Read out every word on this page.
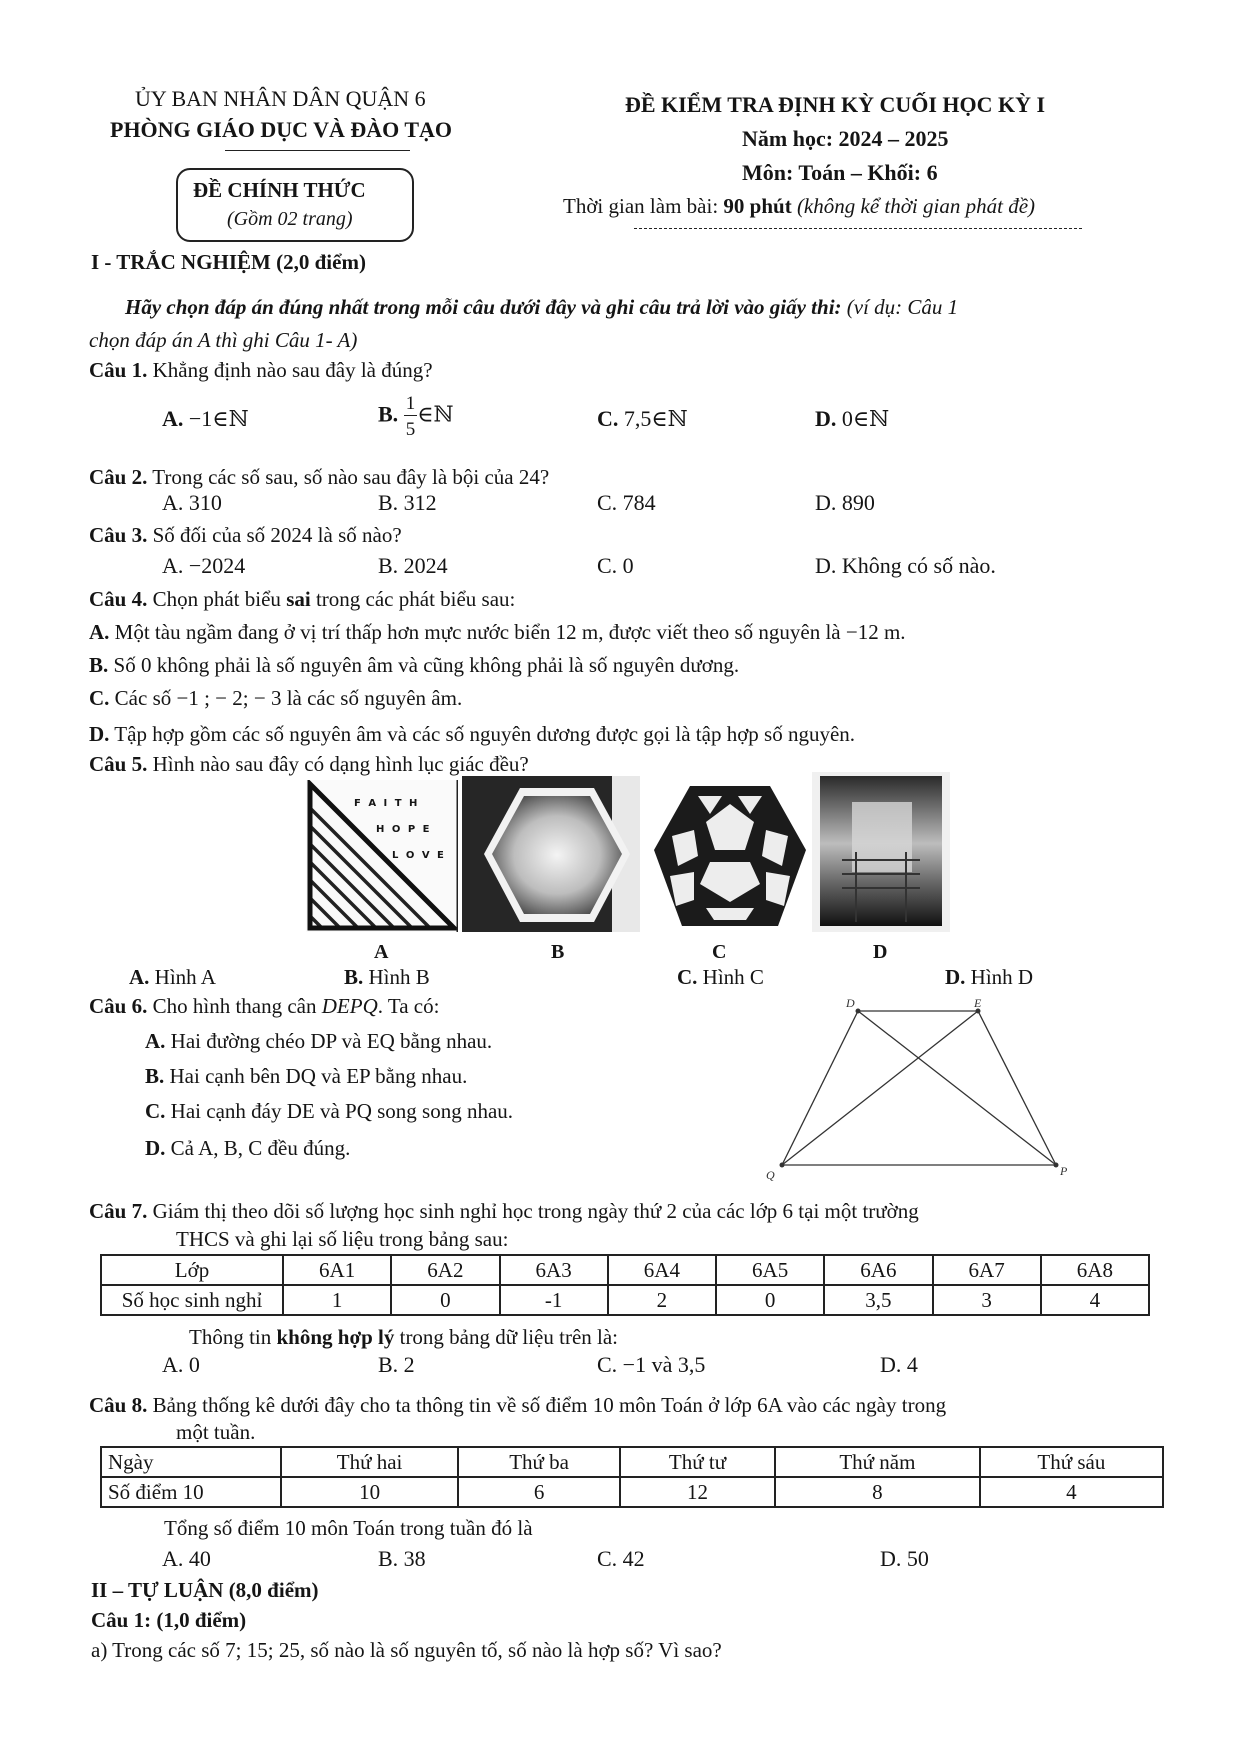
ỦY BAN NHÂN DÂN QUẬN 6
PHÒNG GIÁO DỤC VÀ ĐÀO TẠO
ĐỀ CHÍNH THỨC
(Gồm 02 trang)
ĐỀ KIỂM TRA ĐỊNH KỲ CUỐI HỌC KỲ I
Năm học: 2024 – 2025
Môn: Toán – Khối: 6
Thời gian làm bài: 90 phút (không kể thời gian phát đề)
I - TRẮC NGHIỆM (2,0 điểm)
Hãy chọn đáp án đúng nhất trong mỗi câu dưới đây và ghi câu trả lời vào giấy thi: (ví dụ: Câu 1
chọn đáp án A thì ghi Câu 1- A)
Câu 1. Khẳng định nào sau đây là đúng?
A. −1∈ℕ	B. $\frac{1}{5}$ ∈ℕ	C. 7,5∈ℕ	D. 0∈ℕ
Câu 2. Trong các số sau, số nào sau đây là bội của 24?
A. 310	B. 312	C. 784	D. 890
Câu 3. Số đối của số 2024 là số nào?
A. −2024	B. 2024	C. 0	D. Không có số nào.
Câu 4. Chọn phát biểu sai trong các phát biểu sau:
A. Một tàu ngầm đang ở vị trí thấp hơn mực nước biển 12 m, được viết theo số nguyên là −12 m.
B. Số 0 không phải là số nguyên âm và cũng không phải là số nguyên dương.
C. Các số −1 ; − 2; − 3 là các số nguyên âm.
D. Tập hợp gồm các số nguyên âm và các số nguyên dương được gọi là tập hợp số nguyên.
Câu 5. Hình nào sau đây có dạng hình lục giác đều?
F A I T H
H O P E
L O V E
A	B	C	D
A. Hình A	B. Hình B	C. Hình C	D. Hình D
Câu 6. Cho hình thang cân DEPQ. Ta có:
A. Hai đường chéo DP và EQ bằng nhau.
B. Hai cạnh bên DQ và EP bằng nhau.
C. Hai cạnh đáy DE và PQ song song nhau.
D. Cả A, B, C đều đúng.
D	E
Q	P
Câu 7. Giám thị theo dõi số lượng học sinh nghỉ học trong ngày thứ 2 của các lớp 6 tại một trường
THCS và ghi lại số liệu trong bảng sau:
Lớp	6A1	6A2	6A3	6A4	6A5	6A6	6A7	6A8
Số học sinh nghỉ	1	0	-1	2	0	3,5	3	4
Thông tin không hợp lý trong bảng dữ liệu trên là:
A. 0	B. 2	C. −1 và 3,5	D. 4
Câu 8. Bảng thống kê dưới đây cho ta thông tin về số điểm 10 môn Toán ở lớp 6A vào các ngày trong
một tuần.
Ngày	Thứ hai	Thứ ba	Thứ tư	Thứ năm	Thứ sáu
Số điểm 10	10	6	12	8	4
Tổng số điểm 10 môn Toán trong tuần đó là
A. 40	B. 38	C. 42	D. 50
II – TỰ LUẬN (8,0 điểm)
Câu 1: (1,0 điểm)
a) Trong các số 7; 15; 25, số nào là số nguyên tố, số nào là hợp số? Vì sao?
